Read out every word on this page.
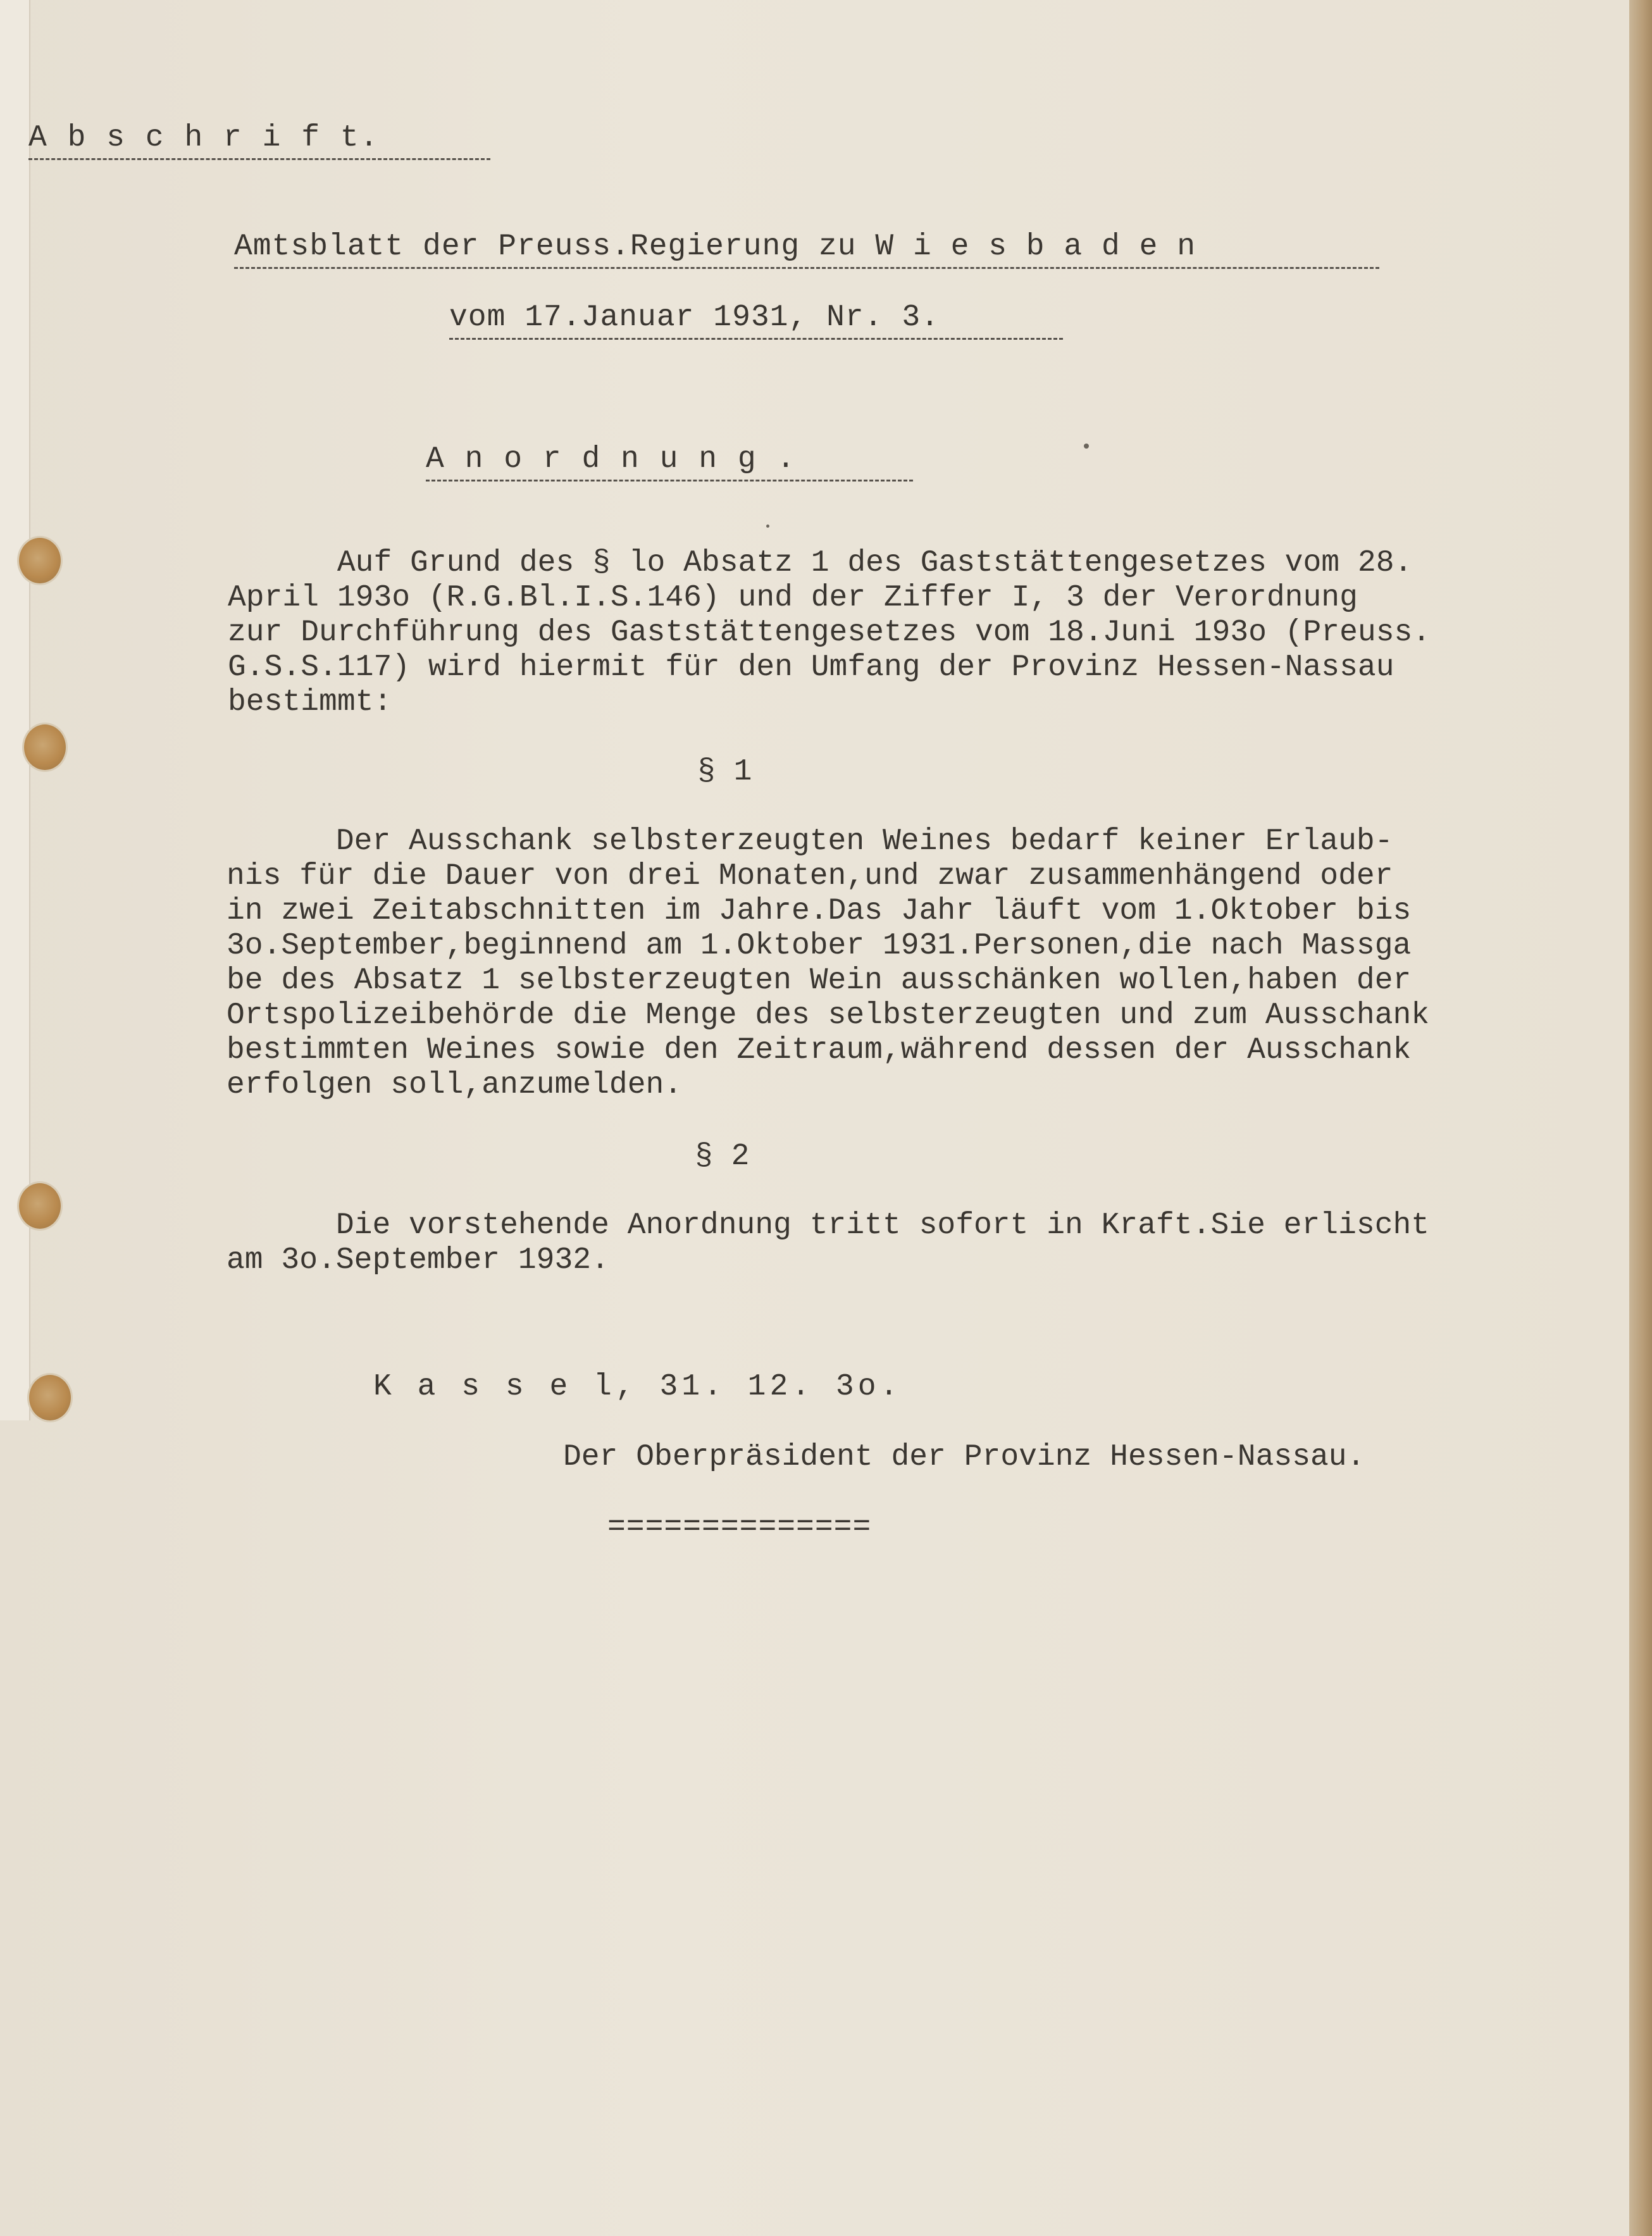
A b s c h r i f t.
Amtsblatt der Preuss.Regierung zu W i e s b a d e n
vom 17.Januar 1931, Nr. 3.
A n o r d n u n g .
Auf Grund des § lo Absatz 1 des Gaststättengesetzes vom 28.
April 193o (R.G.Bl.I.S.146) und der Ziffer I, 3 der Verordnung
zur Durchführung des Gaststättengesetzes vom 18.Juni 193o (Preuss.
G.S.S.117) wird hiermit für den Umfang der Provinz Hessen-Nassau
bestimmt:
§ 1
Der Ausschank selbsterzeugten Weines bedarf keiner Erlaub-
nis für die Dauer von drei Monaten,und zwar zusammenhängend oder
in zwei Zeitabschnitten im Jahre.Das Jahr läuft vom 1.Oktober bis
3o.September,beginnend am 1.Oktober 1931.Personen,die nach Massga
be des Absatz 1 selbsterzeugten Wein ausschänken wollen,haben der
Ortspolizeibehörde die Menge des selbsterzeugten und zum Ausschank
bestimmten Weines sowie den Zeitraum,während dessen der Ausschank
erfolgen soll,anzumelden.
§ 2
Die vorstehende Anordnung tritt sofort in Kraft.Sie erlischt
am 3o.September 1932.
K a s s e l, 31. 12. 3o.
Der Oberpräsident der Provinz Hessen-Nassau.
==============
